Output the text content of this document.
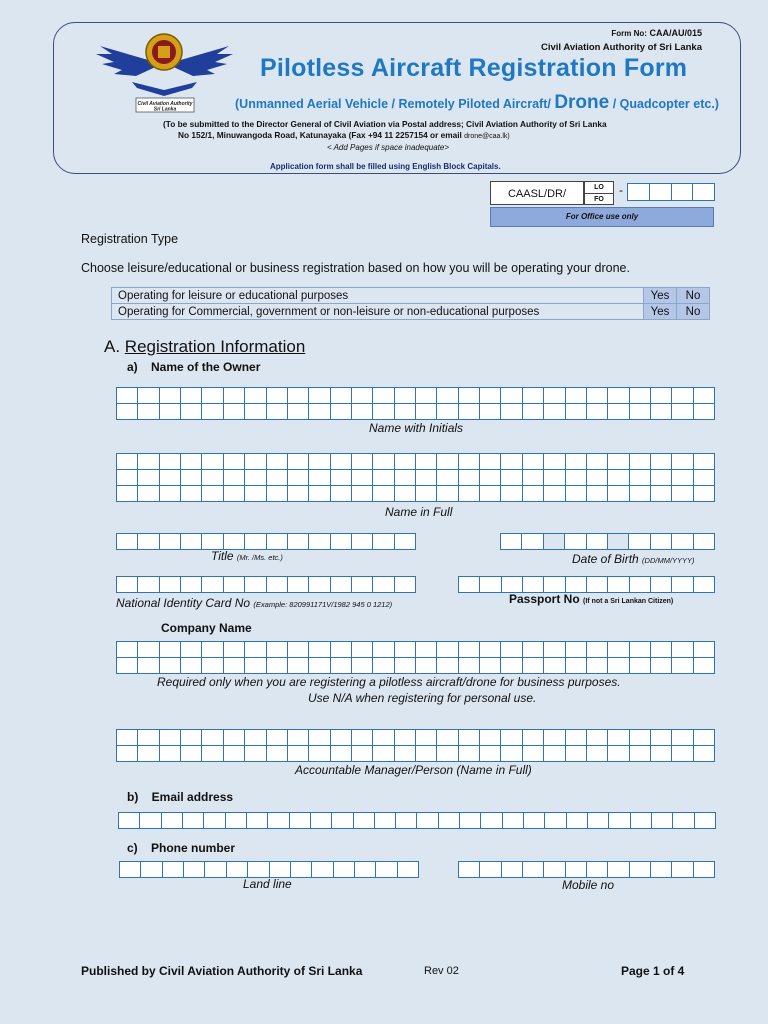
Civil Aviation Authority
Sri Lanka
Form No: CAA/AU/015
Civil Aviation Authority of Sri Lanka
Pilotless Aircraft Registration Form
(Unmanned Aerial Vehicle / Remotely Piloted Aircraft/ Drone / Quadcopter etc.)
(To be submitted to the Director General of Civil Aviation via Postal address; Civil Aviation Authority of Sri Lanka
No 152/1, Minuwangoda Road, Katunayaka (Fax +94 11 2257154 or email drone@caa.lk)
< Add Pages if space inadequate>
Application form shall be filled using English Block Capitals.
CAASL/DR/
LO
FO
-
For Office use only
Registration Type
Choose leisure/educational or business registration based on how you will be operating your drone.
Operating for leisure or educational purposes	Yes	No
Operating for Commercial, government or non-leisure or non-educational purposes	Yes	No
A. Registration Information
a) Name of the Owner
Name with Initials
Name in Full
Title (Mr. /Ms. etc.)	Date of Birth (DD/MM/YYYY)
National Identity Card No (Example: 820991171V/1982 945 0 1212)	Passport No (If not a Sri Lankan Citizen)
Company Name
Required only when you are registering a pilotless aircraft/drone for business purposes.
Use N/A when registering for personal use.
Accountable Manager/Person (Name in Full)
b) Email address
c) Phone number
Land line	Mobile no
Published by Civil Aviation Authority of Sri Lanka	Rev 02	Page 1 of 4
